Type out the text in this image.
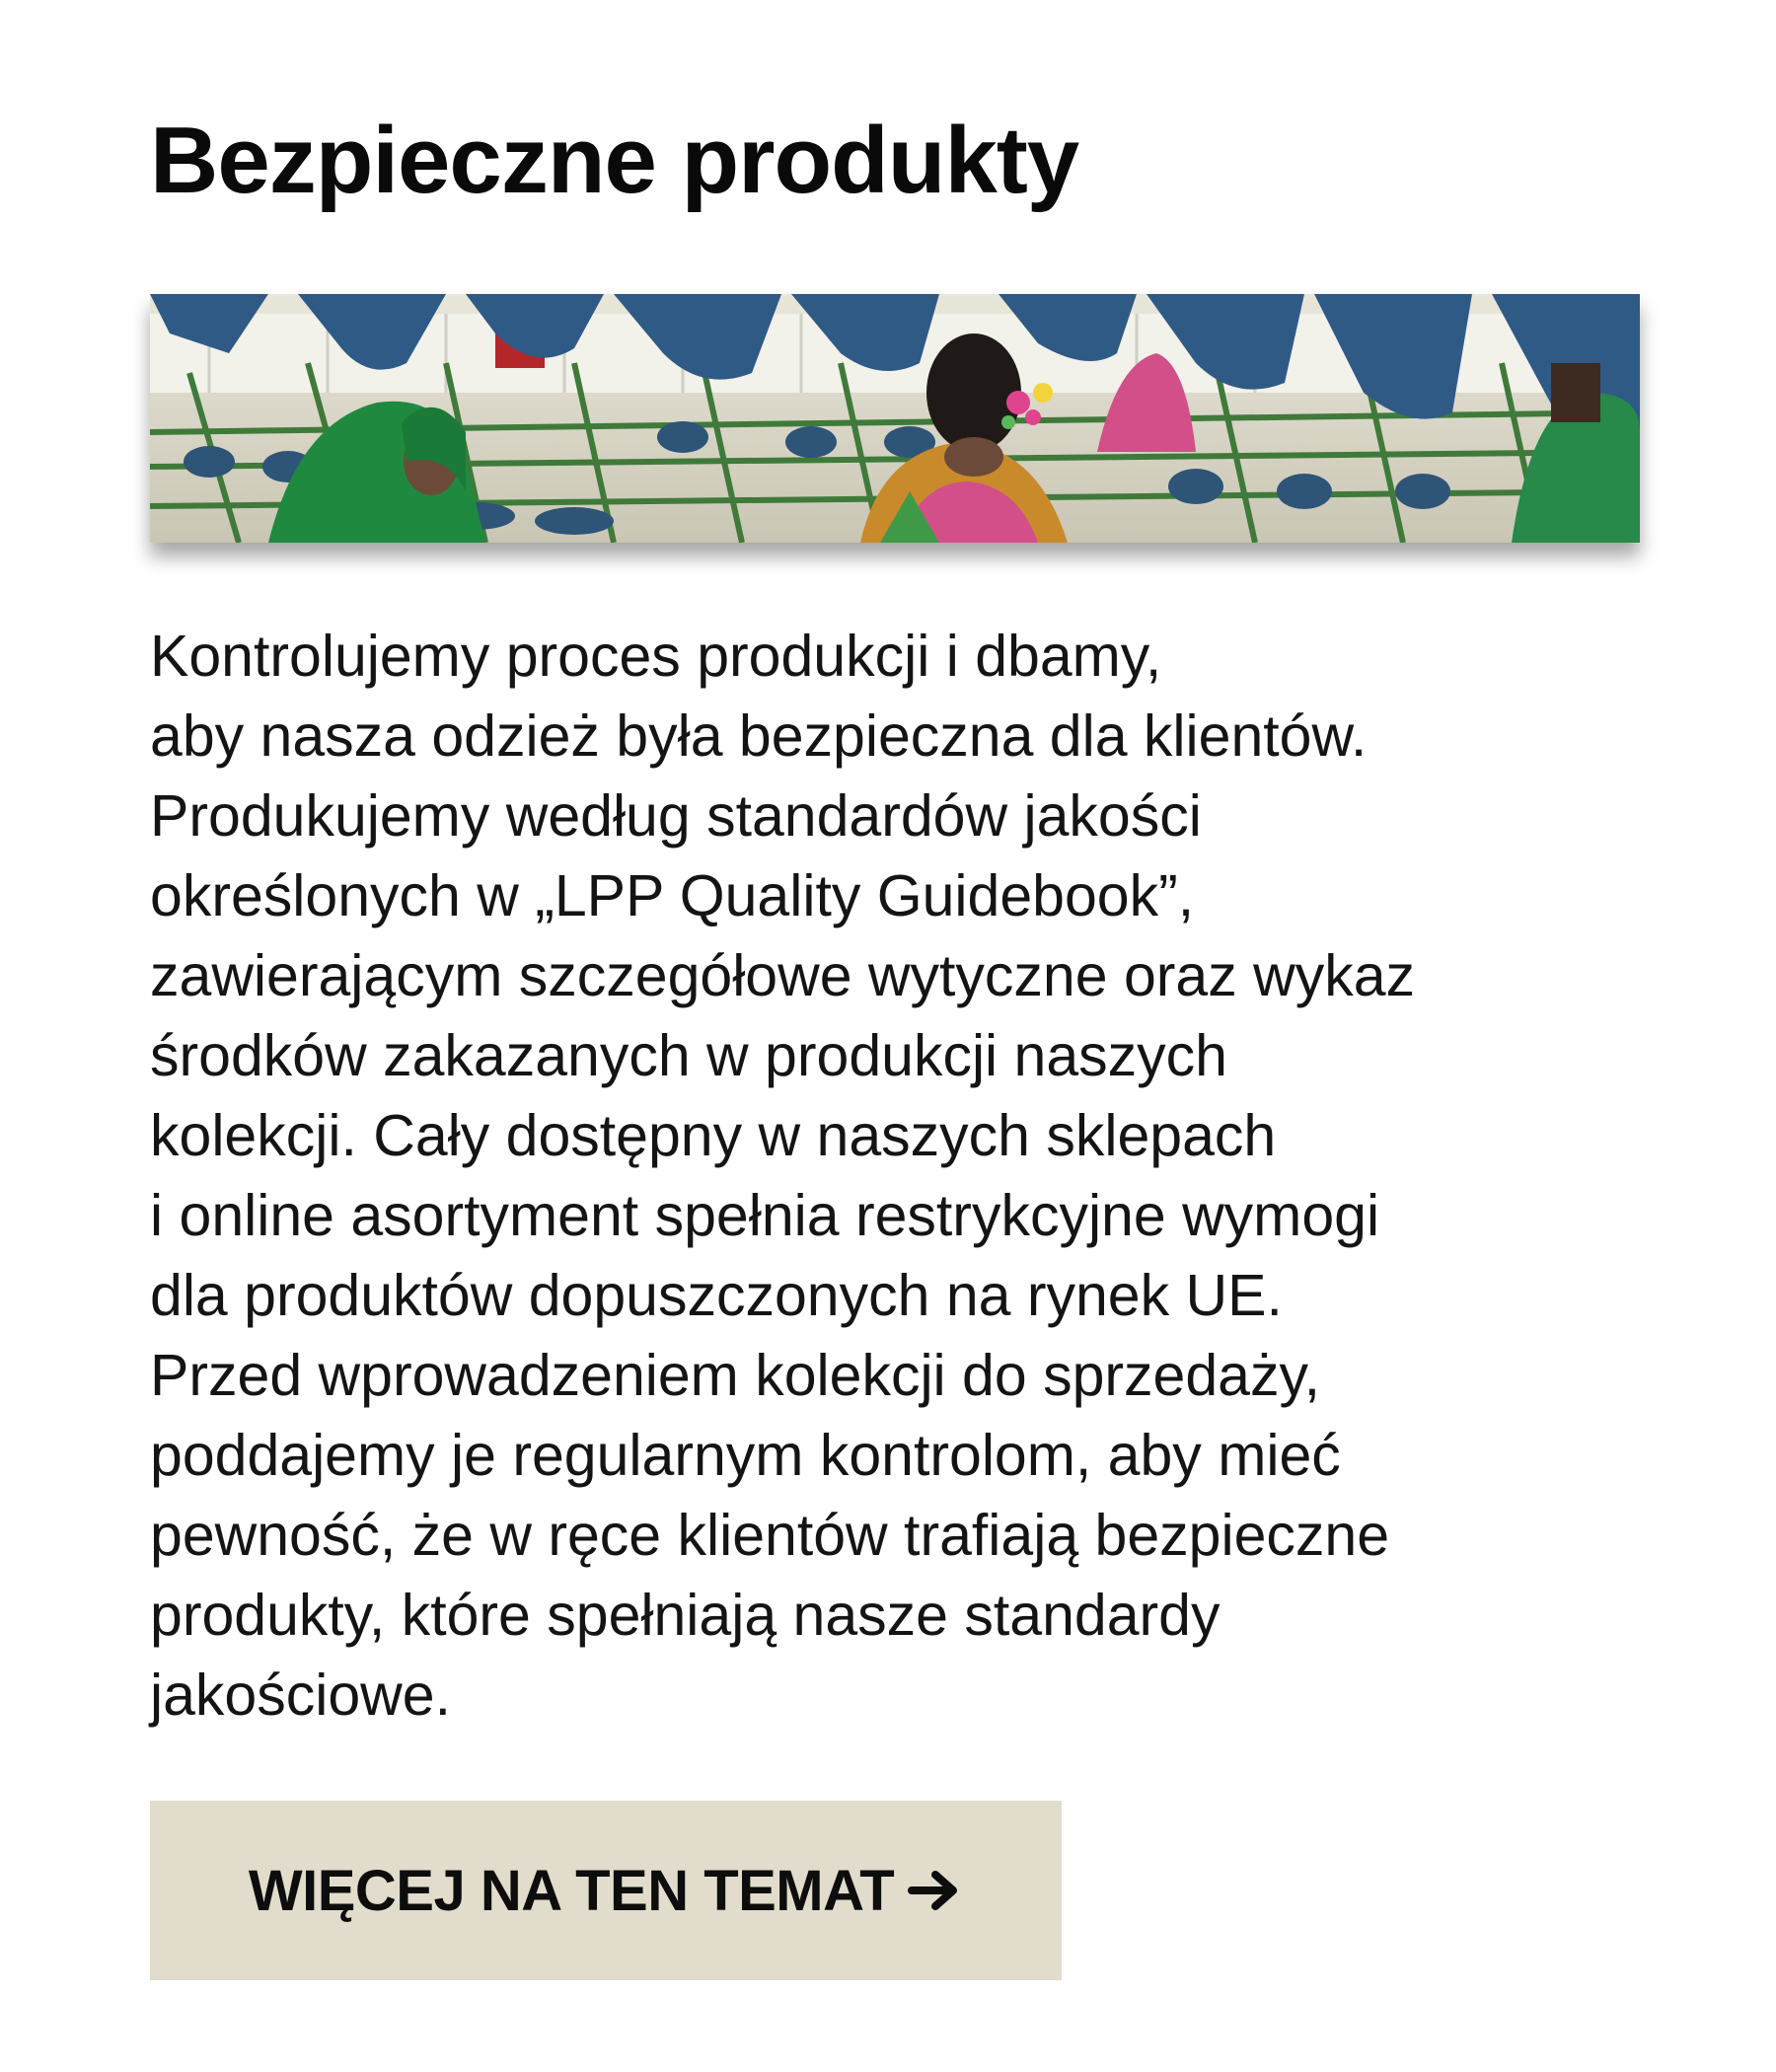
Bezpieczne produkty

Kontrolujemy proces produkcji i dbamy,
aby nasza odzież była bezpieczna dla klientów.
Produkujemy według standardów jakości
określonych w „LPP Quality Guidebook”,
zawierającym szczegółowe wytyczne oraz wykaz
środków zakazanych w produkcji naszych
kolekcji. Cały dostępny w naszych sklepach
i online asortyment spełnia restrykcyjne wymogi
dla produktów dopuszczonych na rynek UE.
Przed wprowadzeniem kolekcji do sprzedaży,
poddajemy je regularnym kontrolom, aby mieć
pewność, że w ręce klientów trafiają bezpieczne
produkty, które spełniają nasze standardy
jakościowe.

WIĘCEJ NA TEN TEMAT
